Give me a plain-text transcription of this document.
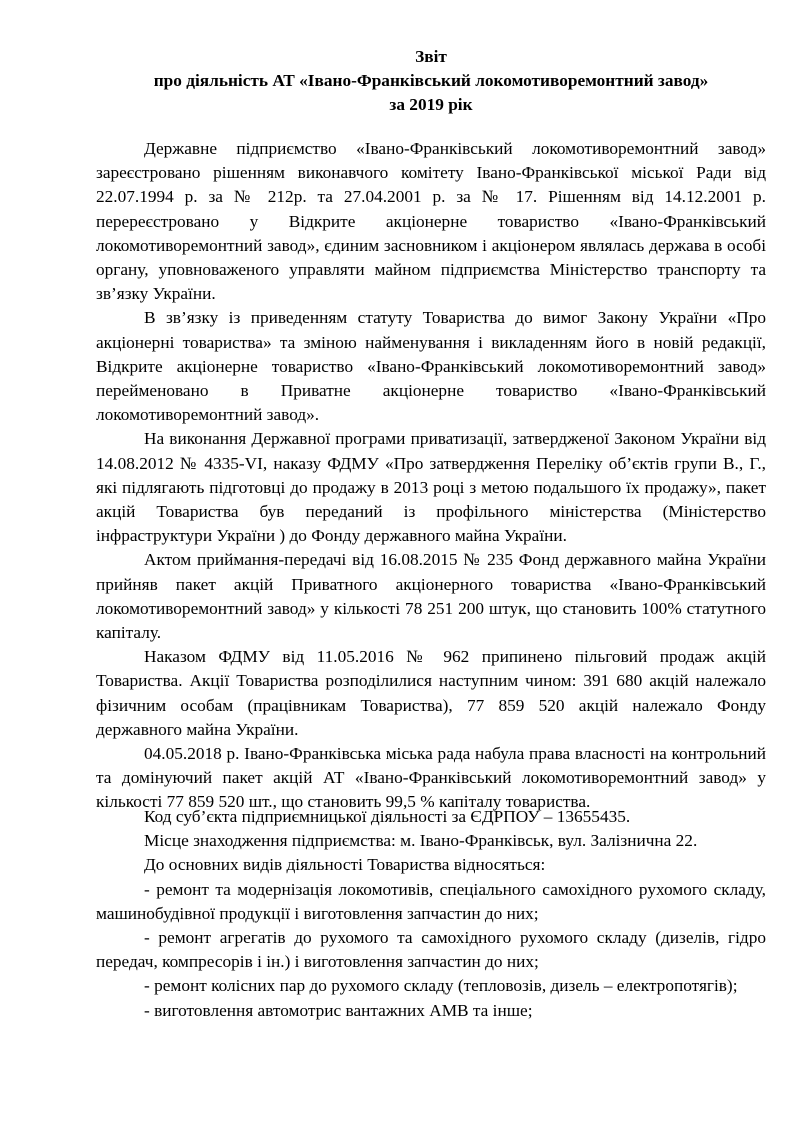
Звіт
про діяльність АТ «Івано-Франківський локомотиворемонтний завод»
за 2019 рік

Державне підприємство «Івано-Франківський локомотиворемонтний завод» зареєстровано рішенням виконавчого комітету Івано-Франківської міської Ради від 22.07.1994 р. за № 212р. та 27.04.2001 р. за № 17. Рішенням від 14.12.2001 р. перереєстровано у Відкрите акціонерне товариство «Івано-Франківський локомотиворемонтний завод», єдиним засновником і акціонером являлась держава в особі органу, уповноваженого управляти майном підприємства Міністерство транспорту та зв’язку України.

В зв’язку із приведенням статуту Товариства до вимог Закону України «Про акціонерні товариства» та зміною найменування і викладенням його в новій редакції, Відкрите акціонерне товариство «Івано-Франківський локомотиворемонтний завод» перейменовано в Приватне акціонерне товариство «Івано-Франківський локомотиворемонтний завод».

На виконання Державної програми приватизації, затвердженої Законом України від 14.08.2012 № 4335-VI, наказу ФДМУ «Про затвердження Переліку об’єктів групи В., Г., які підлягають підготовці до продажу в 2013 році з метою подальшого їх продажу», пакет акцій Товариства був переданий із профільного міністерства (Міністерство інфраструктури України ) до Фонду державного майна України.

Актом приймання-передачі від 16.08.2015 № 235 Фонд державного майна України прийняв пакет акцій Приватного акціонерного товариства «Івано-Франківський локомотиворемонтний завод» у кількості 78 251 200 штук, що становить 100% статутного капіталу.

Наказом ФДМУ від 11.05.2016 № 962 припинено пільговий продаж акцій Товариства. Акції Товариства розподілилися наступним чином: 391 680 акцій належало фізичним особам (працівникам Товариства), 77 859 520 акцій належало Фонду державного майна України.

04.05.2018 р. Івано-Франківська міська рада набула права власності на контрольний та домінуючий пакет акцій АТ «Івано-Франківський локомотиворемонтний завод» у кількості 77 859 520 шт., що становить 99,5 % капіталу товариства.

Код суб’єкта підприємницької діяльності за ЄДРПОУ – 13655435.
Місце знаходження підприємства: м. Івано-Франківськ, вул. Залізнична 22.
До основних видів діяльності Товариства відносяться:

- ремонт та модернізація локомотивів, спеціального самохідного рухомого складу, машинобудівної продукції і виготовлення запчастин до них;

- ремонт агрегатів до рухомого та самохідного рухомого складу (дизелів, гідро передач, компресорів і ін.) і виготовлення запчастин до них;

- ремонт колісних пар до рухомого складу (тепловозів, дизель – електропотягів);

- виготовлення автомотрис вантажних АМВ та інше;
